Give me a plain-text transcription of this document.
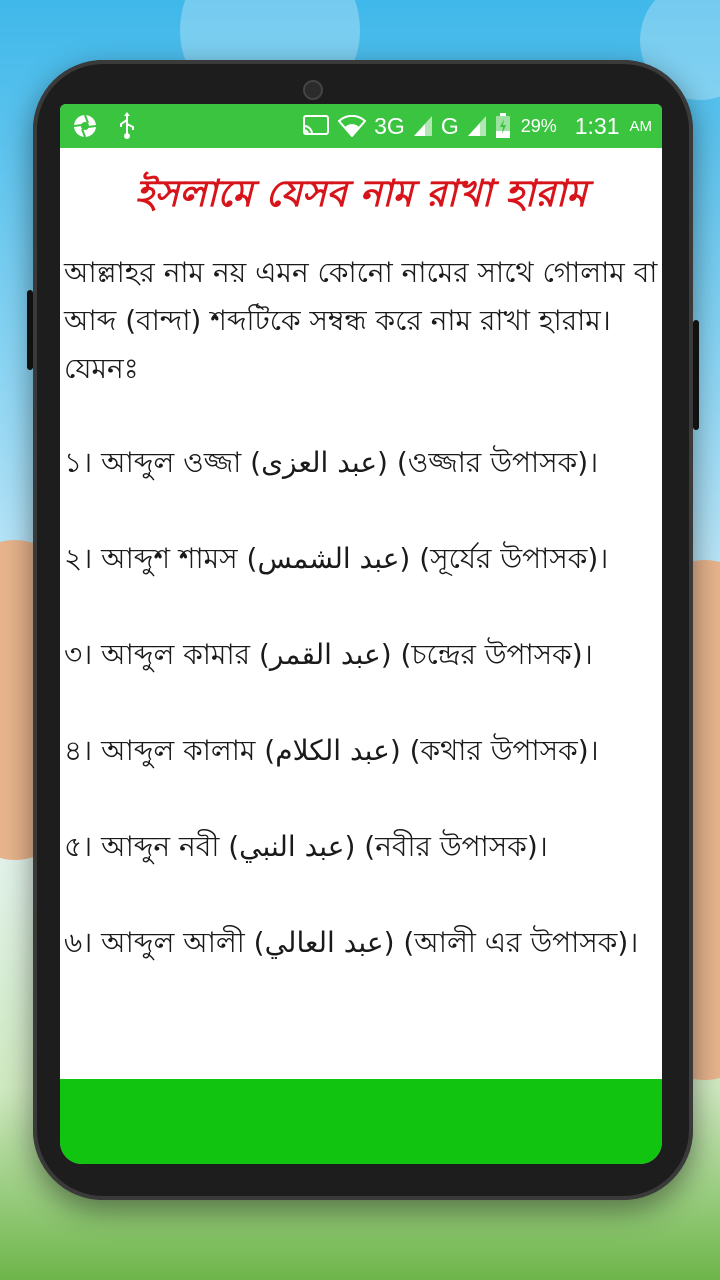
3G G	29% 1:31 AM
ইসলামে যেসব নাম রাখা হারাম

আল্লাহর নাম নয় এমন কোনো নামের সাথে গোলাম বা আব্দ (বান্দা) শব্দটিকে সম্বন্ধ করে নাম রাখা হারাম। যেমনঃ

১। আব্দুল ওজ্জা (عبد العزى) (ওজ্জার উপাসক)।

২। আব্দুশ শামস (عبد الشمس) (সূর্যের উপাসক)।

৩। আব্দুল কামার (عبد القمر) (চন্দ্রের উপাসক)।

৪। আব্দুল কালাম (عبد الكلام) (কথার উপাসক)।

৫। আব্দুন নবী (عبد النبي) (নবীর উপাসক)।

৬। আব্দুল আলী (عبد العالي) (আলী এর উপাসক)।
